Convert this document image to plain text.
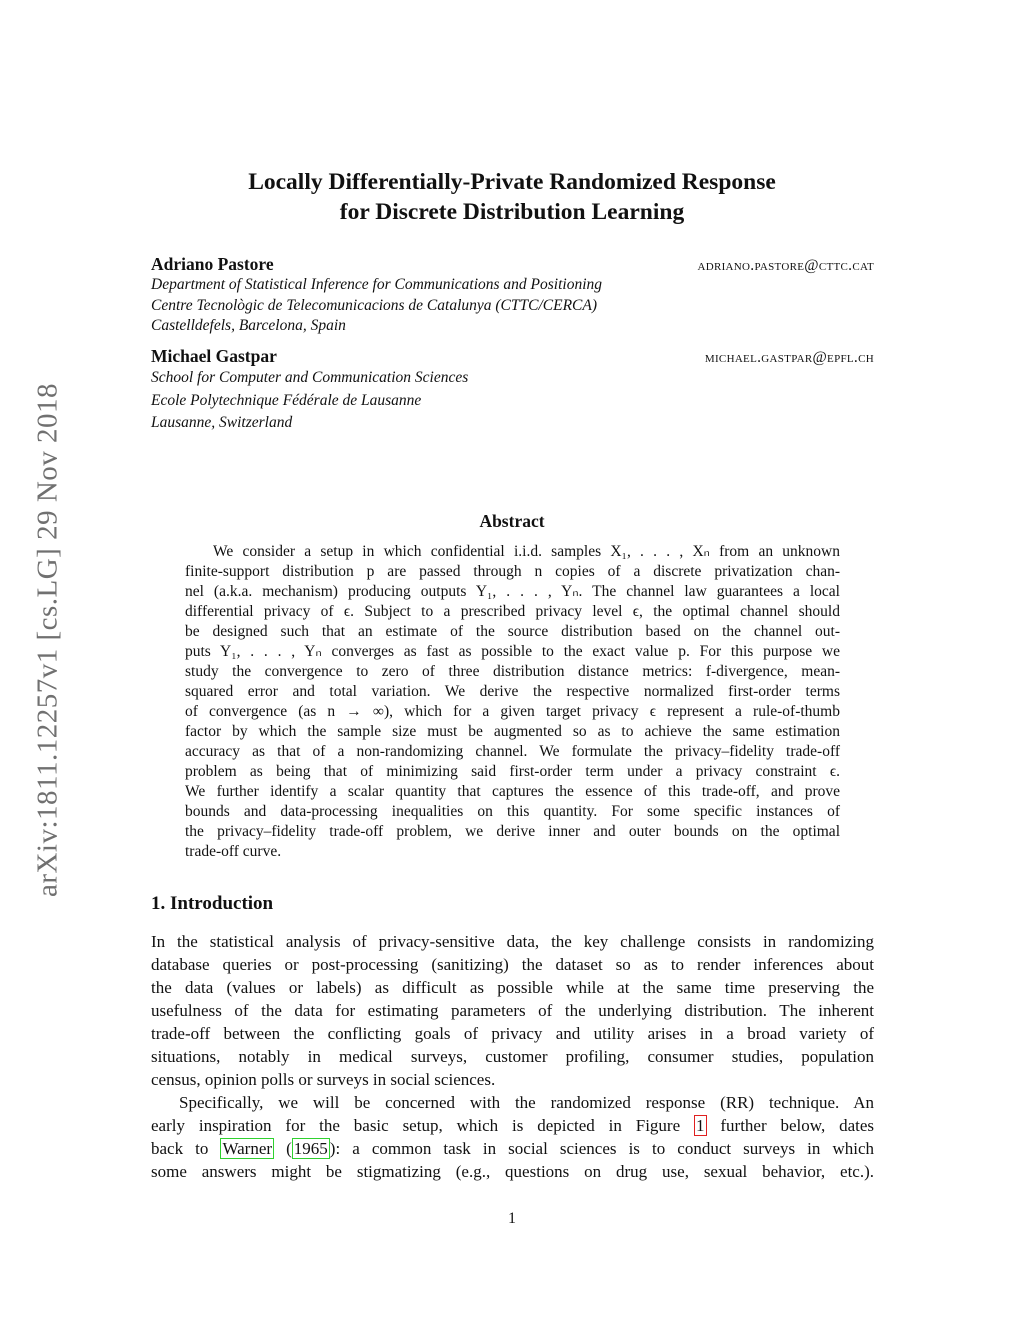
arXiv:1811.12257v1 [cs.LG] 29 Nov 2018
Locally Differentially-Private Randomized Response
for Discrete Distribution Learning
Adriano Pastore	adriano.pastore@cttc.cat
Department of Statistical Inference for Communications and Positioning
Centre Tecnològic de Telecomunicacions de Catalunya (CTTC/CERCA)
Castelldefels, Barcelona, Spain
Michael Gastpar	michael.gastpar@epfl.ch
School for Computer and Communication Sciences
Ecole Polytechnique Fédérale de Lausanne
Lausanne, Switzerland
Abstract
We consider a setup in which confidential i.i.d. samples X₁, . . . , Xₙ from an unknown
finite-support distribution p are passed through n copies of a discrete privatization chan-
nel (a.k.a. mechanism) producing outputs Y₁, . . . , Yₙ. The channel law guarantees a local
differential privacy of ϵ. Subject to a prescribed privacy level ϵ, the optimal channel should
be designed such that an estimate of the source distribution based on the channel out-
puts Y₁, . . . , Yₙ converges as fast as possible to the exact value p. For this purpose we
study the convergence to zero of three distribution distance metrics: f-divergence, mean-
squared error and total variation. We derive the respective normalized first-order terms
of convergence (as n → ∞), which for a given target privacy ϵ represent a rule-of-thumb
factor by which the sample size must be augmented so as to achieve the same estimation
accuracy as that of a non-randomizing channel. We formulate the privacy–fidelity trade-off
problem as being that of minimizing said first-order term under a privacy constraint ϵ.
We further identify a scalar quantity that captures the essence of this trade-off, and prove
bounds and data-processing inequalities on this quantity. For some specific instances of
the privacy–fidelity trade-off problem, we derive inner and outer bounds on the optimal
trade-off curve.
1. Introduction
In the statistical analysis of privacy-sensitive data, the key challenge consists in randomizing
database queries or post-processing (sanitizing) the dataset so as to render inferences about
the data (values or labels) as difficult as possible while at the same time preserving the
usefulness of the data for estimating parameters of the underlying distribution. The inherent
trade-off between the conflicting goals of privacy and utility arises in a broad variety of
situations, notably in medical surveys, customer profiling, consumer studies, population
census, opinion polls or surveys in social sciences.
Specifically, we will be concerned with the randomized response (RR) technique. An
early inspiration for the basic setup, which is depicted in Figure 1 further below, dates
back to Warner ( 1965 ): a common task in social sciences is to conduct surveys in which
some answers might be stigmatizing (e.g., questions on drug use, sexual behavior, etc.).
1
